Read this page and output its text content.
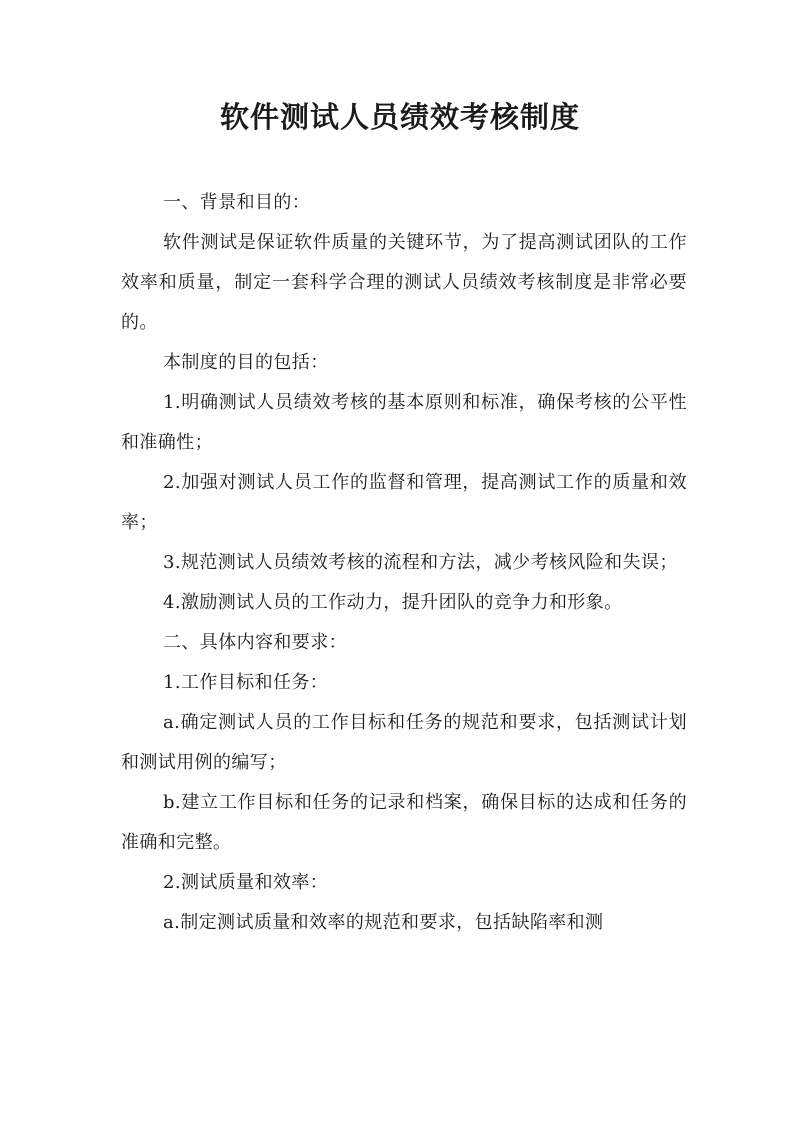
软件测试人员绩效考核制度

一、背景和目的：

软件测试是保证软件质量的关键环节，为了提高测试团队的工作效率和质量，制定一套科学合理的测试人员绩效考核制度是非常必要的。

本制度的目的包括：

1.明确测试人员绩效考核的基本原则和标准，确保考核的公平性和准确性；

2.加强对测试人员工作的监督和管理，提高测试工作的质量和效率；

3.规范测试人员绩效考核的流程和方法，减少考核风险和失误；

4.激励测试人员的工作动力，提升团队的竞争力和形象。

二、具体内容和要求：

1.工作目标和任务：

a.确定测试人员的工作目标和任务的规范和要求，包括测试计划和测试用例的编写；

b.建立工作目标和任务的记录和档案，确保目标的达成和任务的准确和完整。

2.测试质量和效率：

a.制定测试质量和效率的规范和要求，包括缺陷率和测
